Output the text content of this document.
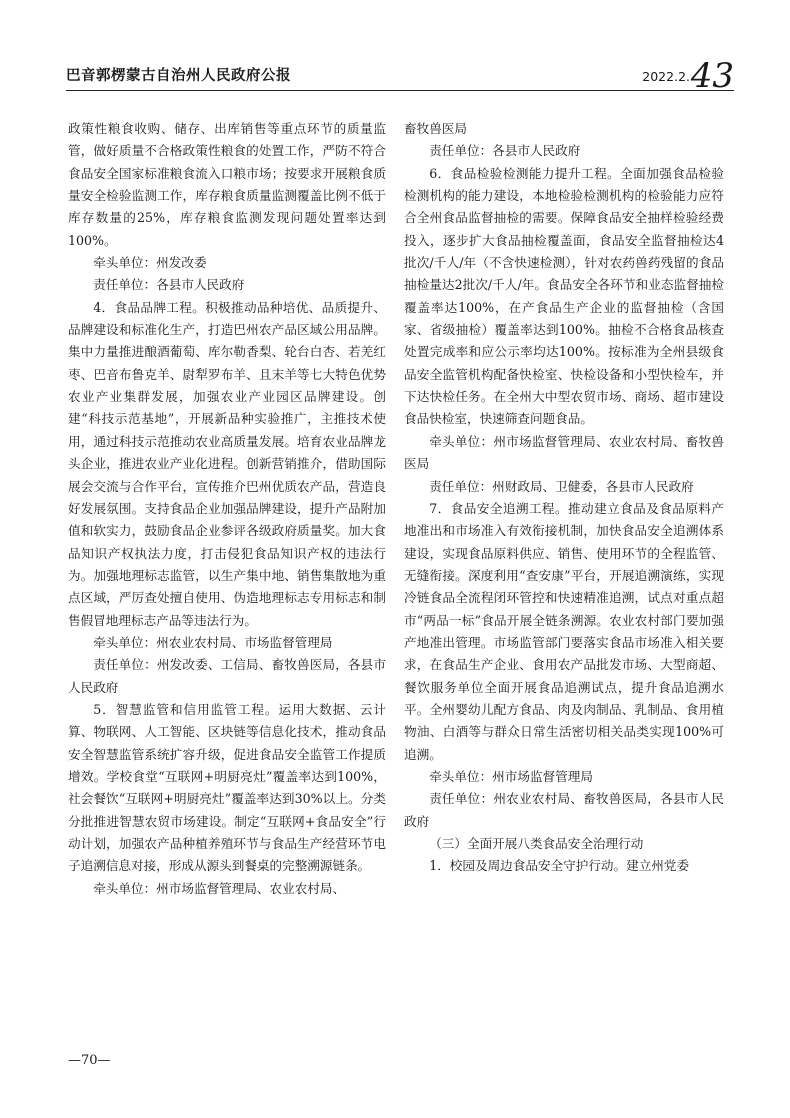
巴音郭楞蒙古自治州人民政府公报	2022.2. 43

政策性粮食收购、储存、出库销售等重点环节的质量监管，做好质量不合格政策性粮食的处置工作，严防不符合食品安全国家标准粮食流入口粮市场；按要求开展粮食质量安全检验监测工作，库存粮食质量监测覆盖比例不低于库存数量的25%，库存粮食监测发现问题处置率达到100%。

牵头单位：州发改委

责任单位：各县市人民政府

4．食品品牌工程。积极推动品种培优、品质提升、品牌建设和标准化生产，打造巴州农产品区域公用品牌。集中力量推进酿酒葡萄、库尔勒香梨、轮台白杏、若羌红枣、巴音布鲁克羊、尉犁罗布羊、且末羊等七大特色优势农业产业集群发展，加强农业产业园区品牌建设。创建“科技示范基地”，开展新品种实验推广，主推技术使用，通过科技示范推动农业高质量发展。培育农业品牌龙头企业，推进农业产业化进程。创新营销推介，借助国际展会交流与合作平台，宣传推介巴州优质农产品，营造良好发展氛围。支持食品企业加强品牌建设，提升产品附加值和软实力，鼓励食品企业参评各级政府质量奖。加大食品知识产权执法力度，打击侵犯食品知识产权的违法行为。加强地理标志监管，以生产集中地、销售集散地为重点区域，严厉查处擅自使用、伪造地理标志专用标志和制售假冒地理标志产品等违法行为。

牵头单位：州农业农村局、市场监督管理局

责任单位：州发改委、工信局、畜牧兽医局，各县市人民政府

5．智慧监管和信用监管工程。运用大数据、云计算、物联网、人工智能、区块链等信息化技术，推动食品安全智慧监管系统扩容升级，促进食品安全监管工作提质增效。学校食堂“互联网+明厨亮灶”覆盖率达到100%，社会餐饮“互联网+明厨亮灶”覆盖率达到30%以上。分类分批推进智慧农贸市场建设。制定“互联网+食品安全”行动计划，加强农产品种植养殖环节与食品生产经营环节电子追溯信息对接，形成从源头到餐桌的完整溯源链条。

牵头单位：州市场监督管理局、农业农村局、

畜牧兽医局

责任单位：各县市人民政府

6．食品检验检测能力提升工程。全面加强食品检验检测机构的能力建设，本地检验检测机构的检验能力应符合全州食品监督抽检的需要。保障食品安全抽样检验经费投入，逐步扩大食品抽检覆盖面，食品安全监督抽检达4批次/千人/年（不含快速检测），针对农药兽药残留的食品抽检量达2批次/千人/年。食品安全各环节和业态监督抽检覆盖率达100%，在产食品生产企业的监督抽检（含国家、省级抽检）覆盖率达到100%。抽检不合格食品核查处置完成率和应公示率均达100%。按标准为全州县级食品安全监管机构配备快检室、快检设备和小型快检车，并下达快检任务。在全州大中型农贸市场、商场、超市建设食品快检室，快速筛查问题食品。

牵头单位：州市场监督管理局、农业农村局、畜牧兽医局

责任单位：州财政局、卫健委，各县市人民政府

7．食品安全追溯工程。推动建立食品及食品原料产地准出和市场准入有效衔接机制，加快食品安全追溯体系建设，实现食品原料供应、销售、使用环节的全程监管、无缝衔接。深度利用“查安康”平台，开展追溯演练，实现冷链食品全流程闭环管控和快速精准追溯，试点对重点超市“两品一标”食品开展全链条溯源。农业农村部门要加强产地准出管理。市场监管部门要落实食品市场准入相关要求，在食品生产企业、食用农产品批发市场、大型商超、餐饮服务单位全面开展食品追溯试点，提升食品追溯水平。全州婴幼儿配方食品、肉及肉制品、乳制品、食用植物油、白酒等与群众日常生活密切相关品类实现100%可追溯。

牵头单位：州市场监督管理局

责任单位：州农业农村局、畜牧兽医局，各县市人民政府

（三）全面开展八类食品安全治理行动

1．校园及周边食品安全守护行动。建立州党委

—70—
